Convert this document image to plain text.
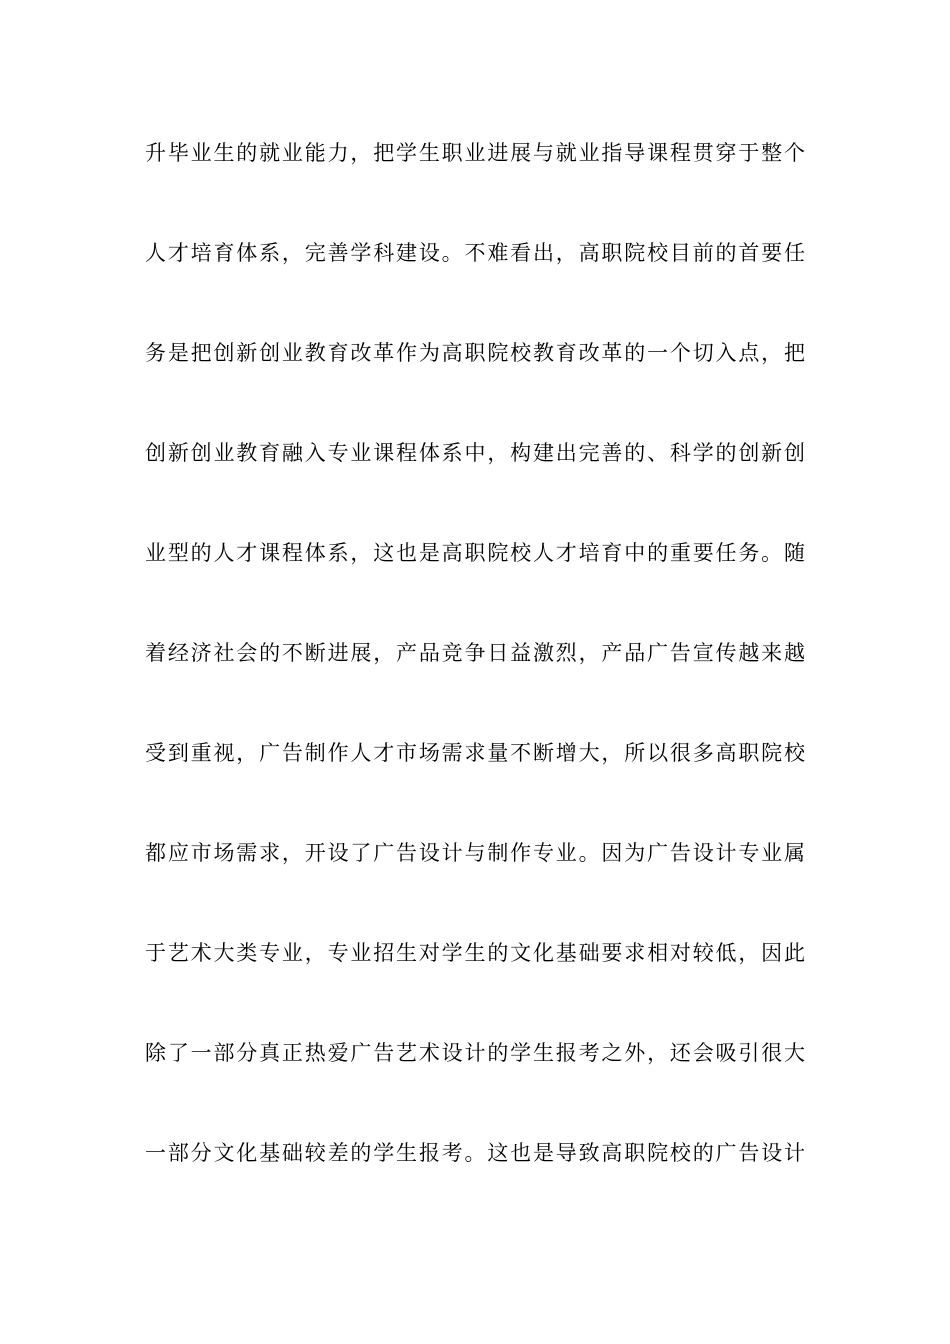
升毕业生的就业能力，把学生职业进展与就业指导课程贯穿于整个
人才培育体系，完善学科建设。不难看出，高职院校目前的首要任
务是把创新创业教育改革作为高职院校教育改革的一个切入点，把
创新创业教育融入专业课程体系中，构建出完善的、科学的创新创
业型的人才课程体系，这也是高职院校人才培育中的重要任务。随
着经济社会的不断进展，产品竞争日益激烈，产品广告宣传越来越
受到重视，广告制作人才市场需求量不断增大，所以很多高职院校
都应市场需求，开设了广告设计与制作专业。因为广告设计专业属
于艺术大类专业，专业招生对学生的文化基础要求相对较低，因此
除了一部分真正热爱广告艺术设计的学生报考之外，还会吸引很大
一部分文化基础较差的学生报考。这也是导致高职院校的广告设计
